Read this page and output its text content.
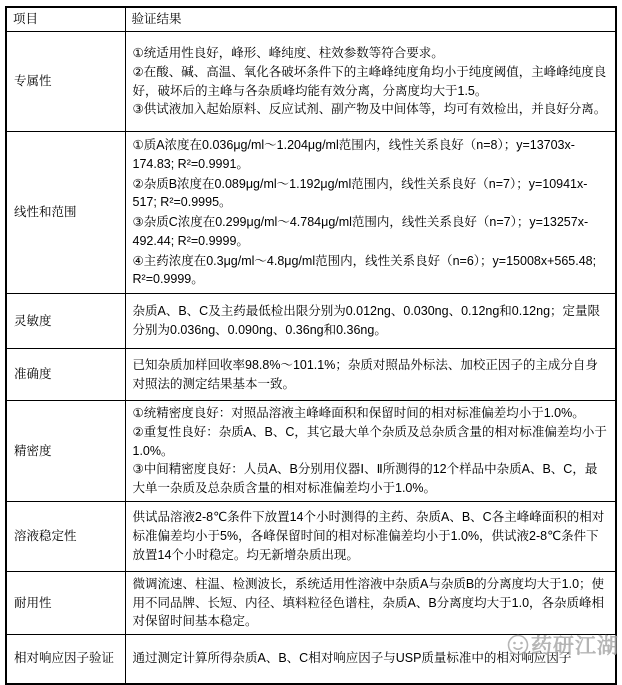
项目	验证结果
专属性	①统适用性良好，峰形、峰纯度、柱效参数等符合要求。

②在酸、碱、高温、氧化各破坏条件下的主峰峰纯度角均小于纯度阈值，主峰峰纯度良好，破坏后的主峰与各杂质峰均能有效分离，分离度均大于1.5。

③供试液加入起始原料、反应试剂、副产物及中间体等，均可有效检出，并良好分离。

线性和范围	①质A浓度在0.036μg/ml～1.204μg/ml范围内，线性关系良好（n=8）；y=13703x-174.83; R²=0.9991。

②杂质B浓度在0.089μg/ml～1.192μg/ml范围内，线性关系良好（n=7）；y=10941x-517; R²=0.9995。

③杂质C浓度在0.299μg/ml～4.784μg/ml范围内，线性关系良好（n=7）；y=13257x-492.44; R²=0.9999。

④主药浓度在0.3μg/ml～4.8μg/ml范围内，线性关系良好（n=6）；y=15008x+565.48; R²=0.9999。

灵敏度	杂质A、B、C及主药最低检出限分别为0.012ng、0.030ng、0.12ng和0.12ng；定量限分别为0.036ng、0.090ng、0.36ng和0.36ng。

准确度	已知杂质加样回收率98.8%～101.1%；杂质对照品外标法、加校正因子的主成分自身对照法的测定结果基本一致。

精密度	①统精密度良好：对照品溶液主峰峰面积和保留时间的相对标准偏差均小于1.0%。

②重复性良好：杂质A、B、C，其它最大单个杂质及总杂质含量的相对标准偏差均小于1.0%。

③中间精密度良好：人员A、B分别用仪器Ⅰ、Ⅱ所测得的12个样品中杂质A、B、C，最大单一杂质及总杂质含量的相对标准偏差均小于1.0%。

溶液稳定性	供试品溶液2-8℃条件下放置14个小时测得的主药、杂质A、B、C各主峰峰面积的相对标准偏差均小于5%，各峰保留时间的相对标准偏差均小于1.0%，供试液2-8℃条件下放置14个小时稳定。均无新增杂质出现。

耐用性	微调流速、柱温、检测波长，系统适用性溶液中杂质A与杂质B的分离度均大于1.0；使用不同品牌、长短、内径、填料粒径色谱柱，杂质A、B分离度均大于1.0，各杂质峰相对保留时间基本稳定。

相对响应因子验证	通过测定计算所得杂质A、B、C相对响应因子与USP质量标准中的相对响应因子

药研江湖
